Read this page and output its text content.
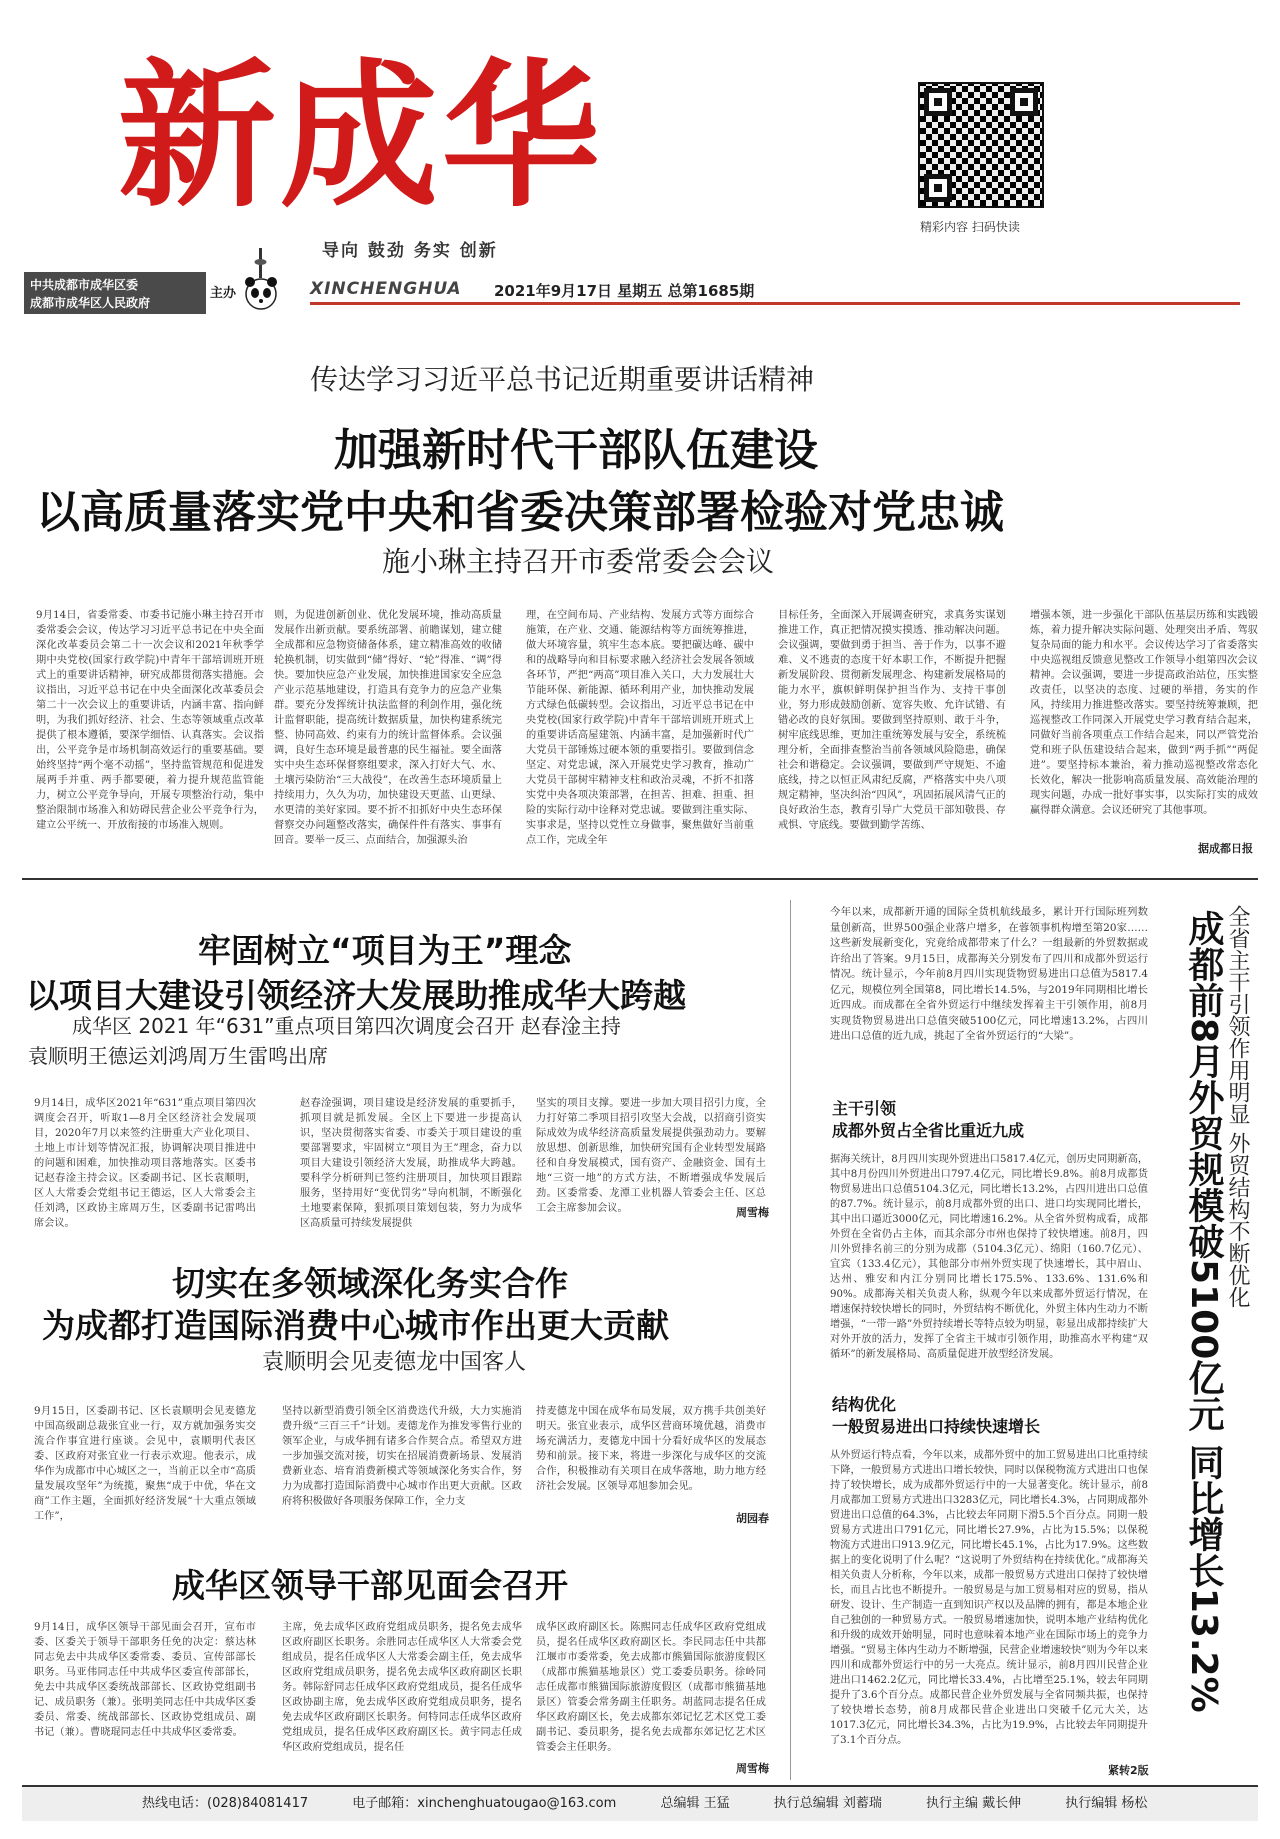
新成华
导向 鼓劲 务实 创新
精彩内容 扫码快读
中共成都市成华区委
成都市成华区人民政府
主办	XINCHENGHUA 2021年9月17日 星期五 总第1685期
传达学习习近平总书记近期重要讲话精神
加强新时代干部队伍建设
以高质量落实党中央和省委决策部署检验对党忠诚
施小琳主持召开市委常委会会议
9月14日，省委常委、市委书记施小琳主持召开市委常委会会议，传达学习习近平总书记在中央全面深化改革委员会第二十一次会议和2021年秋季学期中央党校(国家行政学院)中青年干部培训班开班式上的重要讲话精神，研究成都贯彻落实措施。会议指出，习近平总书记在中央全面深化改革委员会第二十一次会议上的重要讲话，内涵丰富、指向鲜明，为我们抓好经济、社会、生态等领域重点改革提供了根本遵循，要深学细悟、认真落实。会议指出，公平竞争是市场机制高效运行的重要基础。要始终坚持“两个毫不动摇”，坚持监管规范和促进发展两手并重、两手都要硬，着力提升规范监管能力，树立公平竞争导向，开展专项整治行动，集中整治限制市场准入和妨碍民营企业公平竞争行为，建立公平统一、开放衔接的市场准入规则。
则，为促进创新创业、优化发展环境，推动高质量发展作出新贡献。要系统部署、前瞻谋划，建立健全成都和应急物资储备体系，建立精准高效的收储轮换机制，切实做到“储”得好、“轮”得准、“调”得快。要加快应急产业发展，加快推进国家安全应急产业示范基地建设，打造具有竞争力的应急产业集群。要充分发挥统计执法监督的利剑作用，强化统计监督职能，提高统计数据质量，加快构建系统完整、协同高效、约束有力的统计监督体系。会议强调，良好生态环境是最普惠的民生福祉。要全面落实中央生态环保督察组要求，深入打好大气、水、土壤污染防治“三大战役”，在改善生态环境质量上持续用力，久久为功，加快建设天更蓝、山更绿、水更清的美好家园。要不折不扣抓好中央生态环保督察交办问题整改落实，确保件件有落实、事事有回音。要举一反三、点面结合，加强源头治
理，在空间布局、产业结构、发展方式等方面综合施策，在产业、交通、能源结构等方面统筹推进，做大环境容量，筑牢生态本底。要把碳达峰、碳中和的战略导向和目标要求融入经济社会发展各领域各环节，严把“两高”项目准入关口，大力发展壮大节能环保、新能源、循环利用产业，加快推动发展方式绿色低碳转型。会议指出，习近平总书记在中央党校(国家行政学院)中青年干部培训班开班式上的重要讲话高屋建瓴、内涵丰富，是加强新时代广大党员干部锤炼过硬本领的重要指引。要做到信念坚定、对党忠诚，深入开展党史学习教育，推动广大党员干部树牢精神支柱和政治灵魂，不折不扣落实党中央各项决策部署，在担苦、担难、担重、担险的实际行动中诠释对党忠诚。要做到注重实际、实事求是，坚持以党性立身做事，聚焦做好当前重点工作，完成全年
目标任务，全面深入开展调查研究，求真务实谋划推进工作，真正把情况摸实摸透、推动解决问题。会议强调，要做到勇于担当、善于作为，以事不避难、义不逃责的态度干好本职工作，不断提升把握新发展阶段、贯彻新发展理念、构建新发展格局的能力水平，旗帜鲜明保护担当作为、支持干事创业，努力形成鼓励创新、宽容失败、允许试错、有错必改的良好氛围。要做到坚持原则、敢于斗争，树牢底线思维，更加注重统筹发展与安全，系统梳理分析，全面排查整治当前各领域风险隐患，确保社会和谐稳定。会议强调，要做到严守规矩、不逾底线，持之以恒正风肃纪反腐，严格落实中央八项规定精神，坚决纠治“四风”，巩固拓展风清气正的良好政治生态，教育引导广大党员干部知敬畏、存戒惧、守底线。要做到勤学苦练、
增强本领，进一步强化干部队伍基层历练和实践锻炼，着力提升解决实际问题、处理突出矛盾、驾驭复杂局面的能力和水平。会议传达学习了省委落实中央巡视组反馈意见整改工作领导小组第四次会议精神。会议强调，要进一步提高政治站位，压实整改责任，以坚决的态度、过硬的举措，务实的作风，持续用力推进整改落实。要坚持统筹兼顾，把巡视整改工作同深入开展党史学习教育结合起来，同做好当前各项重点工作结合起来，同以严管党治党和班子队伍建设结合起来，做到“两手抓”“两促进”。要坚持标本兼治，着力推动巡视整改常态化长效化，解决一批影响高质量发展、高效能治理的现实问题，办成一批好事实事，以实际打实的成效赢得群众满意。会议还研究了其他事项。
据成都日报
牢固树立“项目为王”理念
以项目大建设引领经济大发展助推成华大跨越
成华区 2021 年“631”重点项目第四次调度会召开 赵春淦主持
袁顺明王德运刘鸿周万生雷鸣出席
9月14日，成华区2021年“631”重点项目第四次调度会召开，听取1—8月全区经济社会发展项目，2020年7月以来签约注册重大产业化项目、土地上市计划等情况汇报，协调解决项目推进中的问题和困难，加快推动项目落地落实。区委书记赵春淦主持会议。区委副书记、区长袁顺明，区人大常委会党组书记王德运，区人大常委会主任刘鸿，区政协主席周万生，区委副书记雷鸣出席会议。
赵春淦强调，项目建设是经济发展的重要抓手，抓项目就是抓发展。全区上下要进一步提高认识，坚决贯彻落实省委、市委关于项目建设的重要部署要求，牢固树立“项目为王”理念，奋力以项目大建设引领经济大发展，助推成华大跨越。要科学分析研判已签约注册项目，加快项目跟踪服务，坚持用好“变优罚劣”导向机制，不断强化土地要素保障，狠抓项目策划包装，努力为成华区高质量可持续发展提供
坚实的项目支撑。要进一步加大项目招引力度，全力打好第二季项目招引攻坚大会战，以招商引资实际成效为成华经济高质量发展提供强劲动力。要解放思想、创新思维，加快研究国有企业转型发展路径和自身发展模式，国有资产、金融资金、国有土地“三资一地”的方式方法，不断增强成华发展后劲。区委常委、龙潭工业机器人管委会主任、区总工会主席参加会议。	周雪梅
切实在多领域深化务实合作
为成都打造国际消费中心城市作出更大贡献
袁顺明会见麦德龙中国客人
9月15日，区委副书记、区长袁顺明会见麦德龙中国高级副总裁张宜业一行，双方就加强务实交流合作事宜进行座谈。会见中，袁顺明代表区委、区政府对张宜业一行表示欢迎。他表示，成华作为成都市中心城区之一，当前正以全市“高质量发展攻坚年”为统揽，聚焦“成于中优，华在文商”工作主题，全面抓好经济发展“十大重点领域工作”，
坚持以新型消费引领全区消费迭代升级，大力实施消费升级“三百三千”计划。麦德龙作为推发零售行业的领军企业，与成华拥有诸多合作契合点。希望双方进一步加强交流对接，切实在招展消费新场景、发展消费新业态、培育消费新模式等领域深化务实合作，努力为成都打造国际消费中心城市作出更大贡献。区政府将积极做好各项服务保障工作，全力支
持麦德龙中国在成华布局发展，双方携手共创美好明天。张宜业表示，成华区营商环境优越，消费市场充满活力，麦德龙中国十分看好成华区的发展态势和前景。接下来，将进一步深化与成华区的交流合作，积极推动有关项目在成华落地，助力地方经济社会发展。区领导邓旭参加会见。
胡园春
成华区领导干部见面会召开
9月14日，成华区领导干部见面会召开，宣布市委、区委关于领导干部职务任免的决定：蔡达林同志免去中共成华区委常委、委员、宣传部部长职务。马亚伟同志任中共成华区委宣传部部长，免去中共成华区委统战部部长、区政协党组副书记、成员职务（兼）。张明美同志任中共成华区委委员、常委、统战部部长、区政协党组成员、副书记（兼）。曹晓琨同志任中共成华区委常委。
主席，免去成华区政府党组成员职务，提名免去成华区政府副区长职务。余胜同志任成华区人大常委会党组成员，提名任成华区人大常委会副主任，免去成华区政府党组成员职务，提名免去成华区政府副区长职务。韩际舒同志任成华区政府党组成员，提名任成华区政协副主席，免去成华区政府党组成员职务，提名免去成华区政府副区长职务。何特同志任成华区政府党组成员，提名任成华区政府副区长。黄宇同志任成华区政府党组成员，提名任
成华区政府副区长。陈熙同志任成华区政府党组成员，提名任成华区政府副区长。李民同志任中共都江堰市市委常委，免去成都市熊猫国际旅游度假区（成都市熊猫基地景区）党工委委员职务。徐岭同志任成都市熊猫国际旅游度假区（成都市熊猫基地景区）管委会常务副主任职务。胡蓝同志提名任成华区政府副区长，免去成都东郊记忆艺术区党工委副书记、委员职务，提名免去成都东郊记忆艺术区管委会主任职务。
周雪梅
今年以来，成都新开通的国际全货机航线最多，累计开行国际班列数量创新高，世界500强企业落户增多，在蓉领事机构增至第20家……这些新发展新变化，究竟给成都带来了什么？一组最新的外贸数据或许给出了答案。9月15日，成都海关分别发布了四川和成都外贸运行情况。统计显示，今年前8月四川实现货物贸易进出口总值为5817.4亿元，规模位列全国第8，同比增长14.5%，与2019年同期相比增长近四成。而成都在全省外贸运行中继续发挥着主干引领作用，前8月实现货物贸易进出口总值突破5100亿元，同比增速13.2%，占四川进出口总值的近九成，挑起了全省外贸运行的“大梁”。
主干引领
成都外贸占全省比重近九成
据海关统计，8月四川实现外贸进出口5817.4亿元，创历史同期新高，其中8月份四川外贸进出口797.4亿元，同比增长9.8%。前8月成都货物贸易进出口总值5104.3亿元，同比增长13.2%，占四川进出口总值的87.7%。统计显示，前8月成都外贸的出口、进口均实现同比增长，其中出口逼近3000亿元，同比增速16.2%。从全省外贸构成看，成都外贸在全省仍占主体，而其余部分市州也保持了较快增速。前8月，四川外贸排名前三的分别为成都（5104.3亿元）、绵阳（160.7亿元）、宜宾（133.4亿元），其他部分市州外贸实现了快速增长，其中眉山、达州、雅安和内江分别同比增长175.5%、133.6%、131.6%和90%。成都海关相关负责人称，纵观今年以来成都外贸运行情况，在增速保持较快增长的同时，外贸结构不断优化，外贸主体内生动力不断增强，“一带一路”外贸持续增长等特点较为明显，彰显出成都持续扩大对外开放的活力，发挥了全省主干城市引领作用，助推高水平构建“双循环”的新发展格局、高质量促进开放型经济发展。
结构优化
一般贸易进出口持续快速增长
从外贸运行特点看，今年以来，成都外贸中的加工贸易进出口比重持续下降，一般贸易方式进出口增长较快，同时以保税物流方式进出口也保持了较快增长，成为成都外贸运行中的一大显著变化。统计显示，前8月成都加工贸易方式进出口3283亿元，同比增长4.3%，占同期成都外贸进出口总值的64.3%，占比较去年同期下滑5.5个百分点。同期一般贸易方式进出口791亿元，同比增长27.9%，占比为15.5%；以保税物流方式进出口913.9亿元，同比增长45.1%，占比为17.9%。这些数据上的变化说明了什么呢？“这说明了外贸结构在持续优化。”成都海关相关负责人分析称，今年以来，成都一般贸易方式进出口保持了较快增长，而且占比也不断提升。一般贸易是与加工贸易相对应的贸易，指从研发、设计、生产制造一直到知识产权以及品牌的拥有，都是本地企业自己独创的一种贸易方式。一般贸易增速加快，说明本地产业结构优化和升级的成效开始明显，同时也意味着本地产业在国际市场上的竞争力增强。“贸易主体内生动力不断增强，民营企业增速较快”则为今年以来四川和成都外贸运行中的另一大亮点。统计显示，前8月四川民营企业进出口1462.2亿元，同比增长33.4%，占比增至25.1%，较去年同期提升了3.6个百分点。成都民营企业外贸发展与全省同频共振，也保持了较快增长态势，前8月成都民营企业进出口突破千亿元大关，达1017.3亿元，同比增长34.3%，占比为19.9%，占比较去年同期提升了3.1个百分点。
紧转2版
全省主干引领作用明显 外贸结构不断优化
成都前8月外贸规模破5100亿元 同比增长13.2%
热线电话：(028)84081417	电子邮箱：xinchenghuatougao@163.com	总编辑 王猛	执行总编辑 刘蓄瑞	执行主编 戴长伸	执行编辑 杨松
